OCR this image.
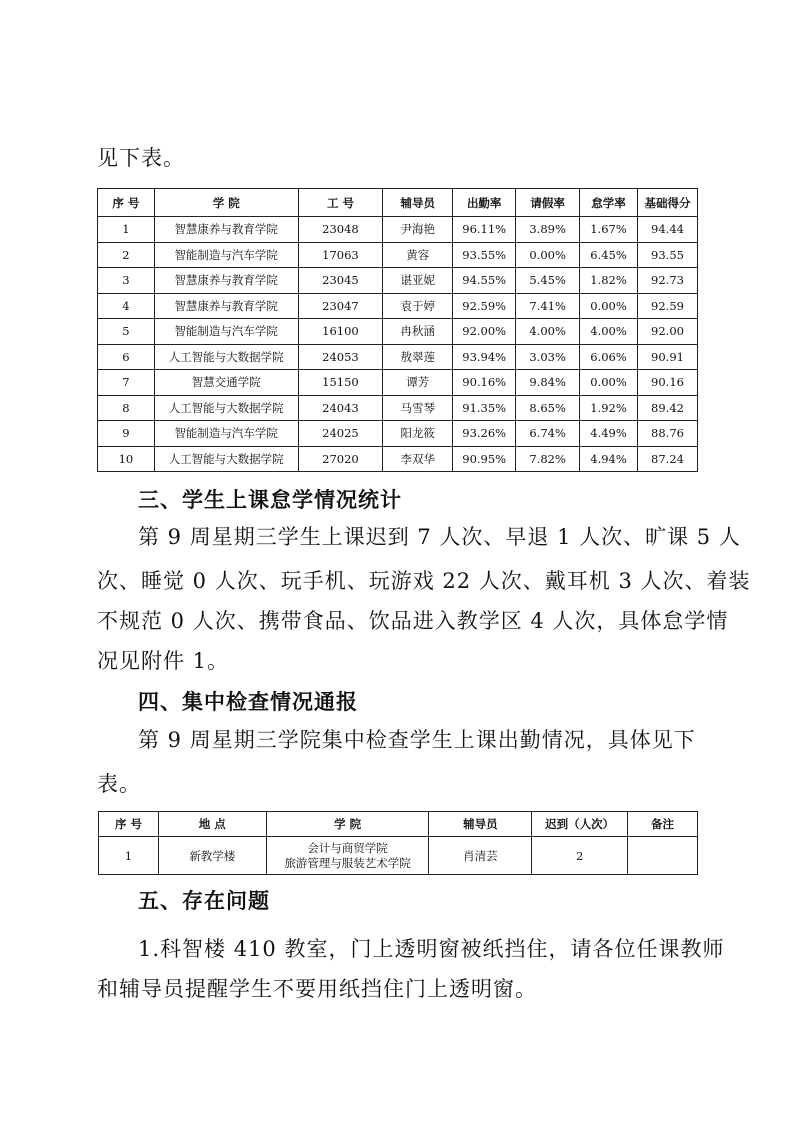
见下表。
序 号	学 院	工 号	辅导员	出勤率	请假率	怠学率	基础得分
1	智慧康养与教育学院	23048	尹海艳	96.11%	3.89%	1.67%	94.44
2	智能制造与汽车学院	17063	黄容	93.55%	0.00%	6.45%	93.55
3	智慧康养与教育学院	23045	谌亚妮	94.55%	5.45%	1.82%	92.73
4	智慧康养与教育学院	23047	袁于婷	92.59%	7.41%	0.00%	92.59
5	智能制造与汽车学院	16100	冉秋涵	92.00%	4.00%	4.00%	92.00
6	人工智能与大数据学院	24053	敖翠莲	93.94%	3.03%	6.06%	90.91
7	智慧交通学院	15150	谭芳	90.16%	9.84%	0.00%	90.16
8	人工智能与大数据学院	24043	马雪琴	91.35%	8.65%	1.92%	89.42
9	智能制造与汽车学院	24025	阳龙筱	93.26%	6.74%	4.49%	88.76
10	人工智能与大数据学院	27020	李双华	90.95%	7.82%	4.94%	87.24
三、学生上课怠学情况统计
第 9 周星期三学生上课迟到 7 人次、早退 1 人次、旷课 5 人
次、睡觉 0 人次、玩手机、玩游戏 22 人次、戴耳机 3 人次、着装
不规范 0 人次、携带食品、饮品进入教学区 4 人次，具体怠学情
况见附件 1。
四、集中检查情况通报
第 9 周星期三学院集中检查学生上课出勤情况，具体见下
表。
序 号	地 点	学 院	辅导员	迟到（人次）	备注
1	新教学楼	会计与商贸学院
旅游管理与服装艺术学院	肖清芸	2	
五、存在问题
1.科智楼 410 教室，门上透明窗被纸挡住，请各位任课教师
和辅导员提醒学生不要用纸挡住门上透明窗。
